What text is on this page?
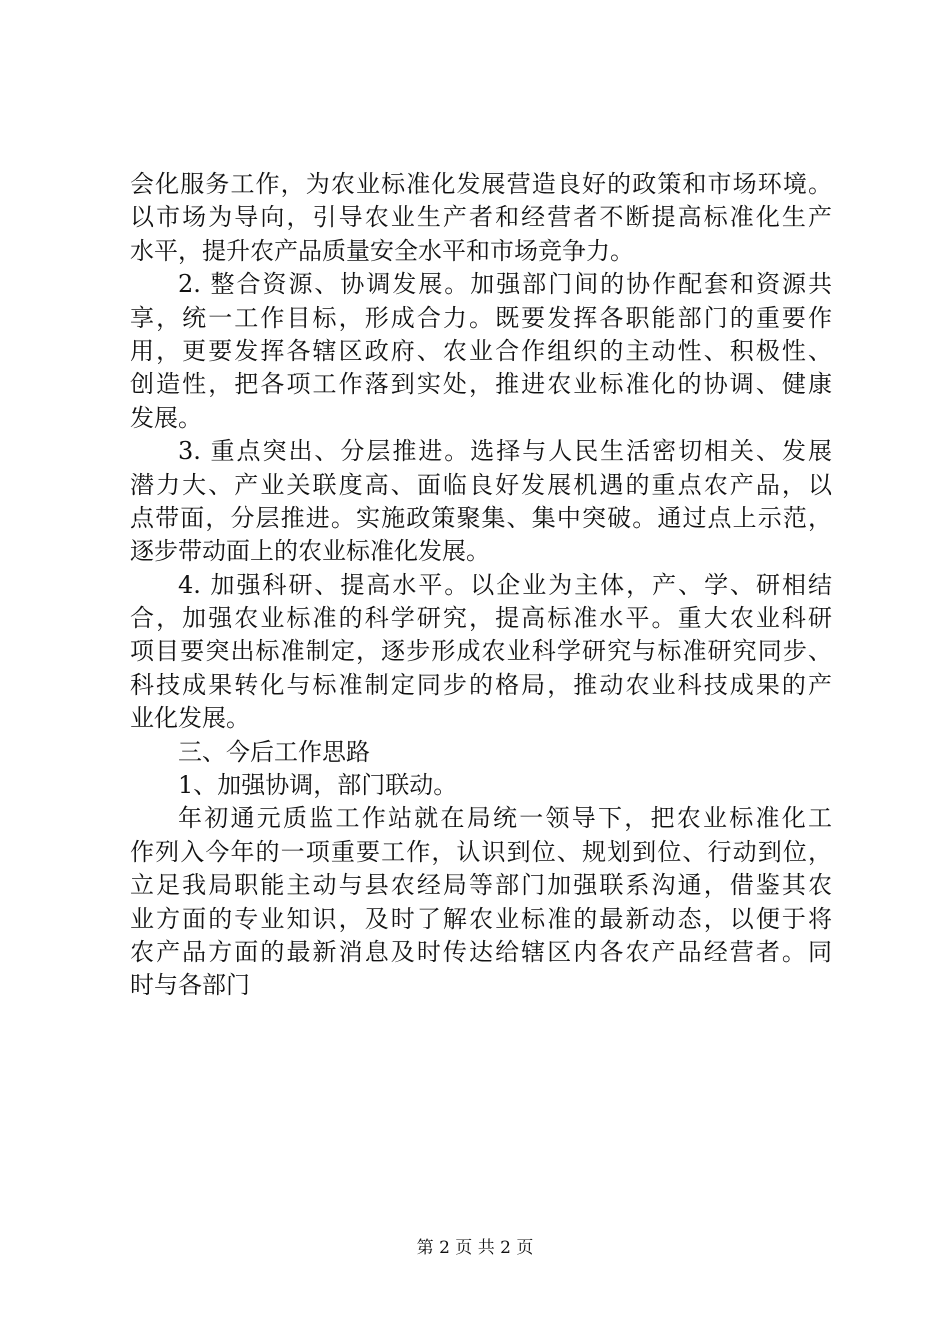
会化服务工作，为农业标准化发展营造良好的政策和市场环境。
以市场为导向，引导农业生产者和经营者不断提高标准化生产
水平，提升农产品质量安全水平和市场竞争力。
2. 整合资源、协调发展。加强部门间的协作配套和资源共
享，统一工作目标，形成合力。既要发挥各职能部门的重要作
用，更要发挥各辖区政府、农业合作组织的主动性、积极性、
创造性，把各项工作落到实处，推进农业标准化的协调、健康
发展。
3. 重点突出、分层推进。选择与人民生活密切相关、发展
潜力大、产业关联度高、面临良好发展机遇的重点农产品，以
点带面，分层推进。实施政策聚集、集中突破。通过点上示范，
逐步带动面上的农业标准化发展。
4. 加强科研、提高水平。以企业为主体，产、学、研相结
合，加强农业标准的科学研究，提高标准水平。重大农业科研
项目要突出标准制定，逐步形成农业科学研究与标准研究同步、
科技成果转化与标准制定同步的格局，推动农业科技成果的产
业化发展。
三、今后工作思路
1、加强协调，部门联动。
年初通元质监工作站就在局统一领导下，把农业标准化工
作列入今年的一项重要工作，认识到位、规划到位、行动到位，
立足我局职能主动与县农经局等部门加强联系沟通，借鉴其农
业方面的专业知识，及时了解农业标准的最新动态，以便于将
农产品方面的最新消息及时传达给辖区内各农产品经营者。同
时与各部门
第 2 页 共 2 页
